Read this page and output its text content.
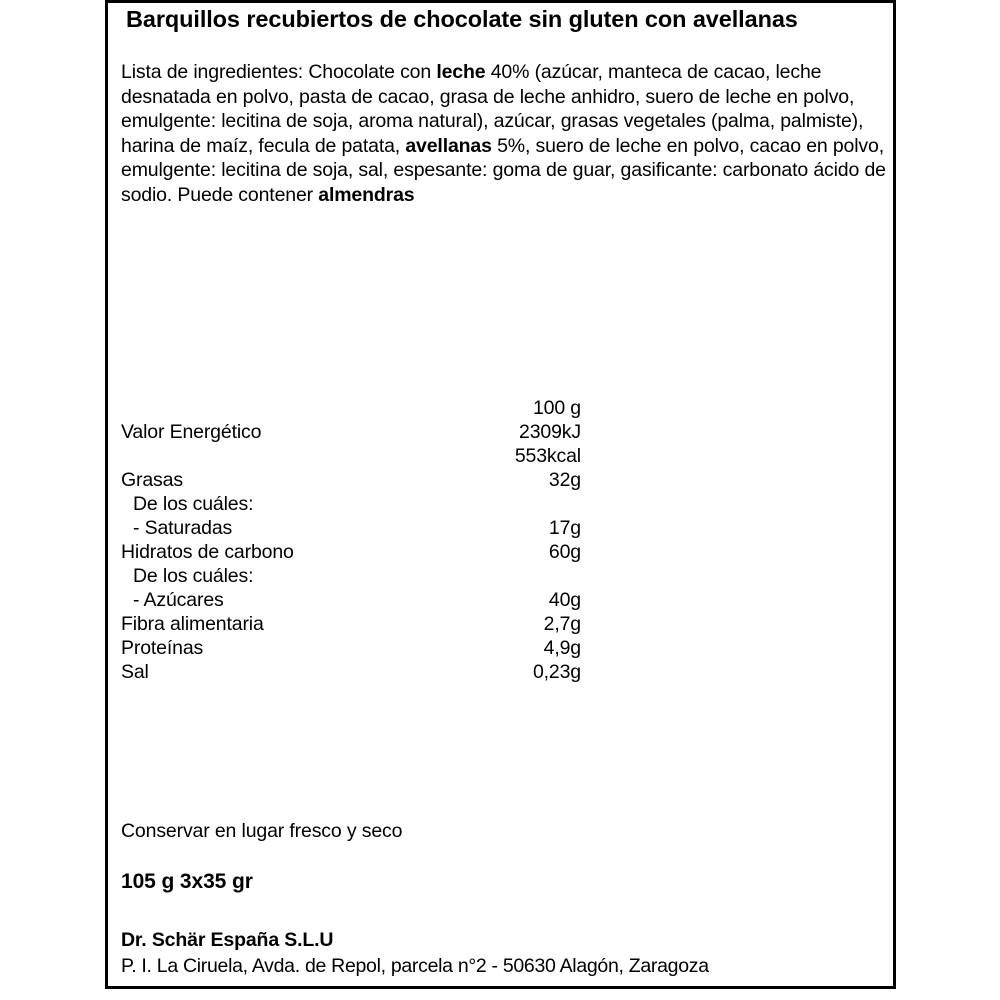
Barquillos recubiertos de chocolate sin gluten con avellanas
Lista de ingredientes: Chocolate con leche 40% (azúcar, manteca de cacao, leche desnatada en polvo, pasta de cacao, grasa de leche anhidro, suero de leche en polvo, emulgente: lecitina de soja, aroma natural), azúcar, grasas vegetales (palma, palmiste), harina de maíz, fecula de patata, avellanas 5%, suero de leche en polvo, cacao en polvo, emulgente: lecitina de soja, sal, espesante: goma de guar, gasificante: carbonato ácido de sodio. Puede contener almendras
100 g
Valor Energético	2309kJ
553kcal
Grasas	32g
De los cuáles:
- Saturadas	17g
Hidratos de carbono	60g
De los cuáles:
- Azúcares	40g
Fibra alimentaria	2,7g
Proteínas	4,9g
Sal	0,23g
Conservar en lugar fresco y seco
105 g 3x35 gr
Dr. Schär España S.L.U
P. I. La Ciruela, Avda. de Repol, parcela n°2 - 50630 Alagón, Zaragoza
